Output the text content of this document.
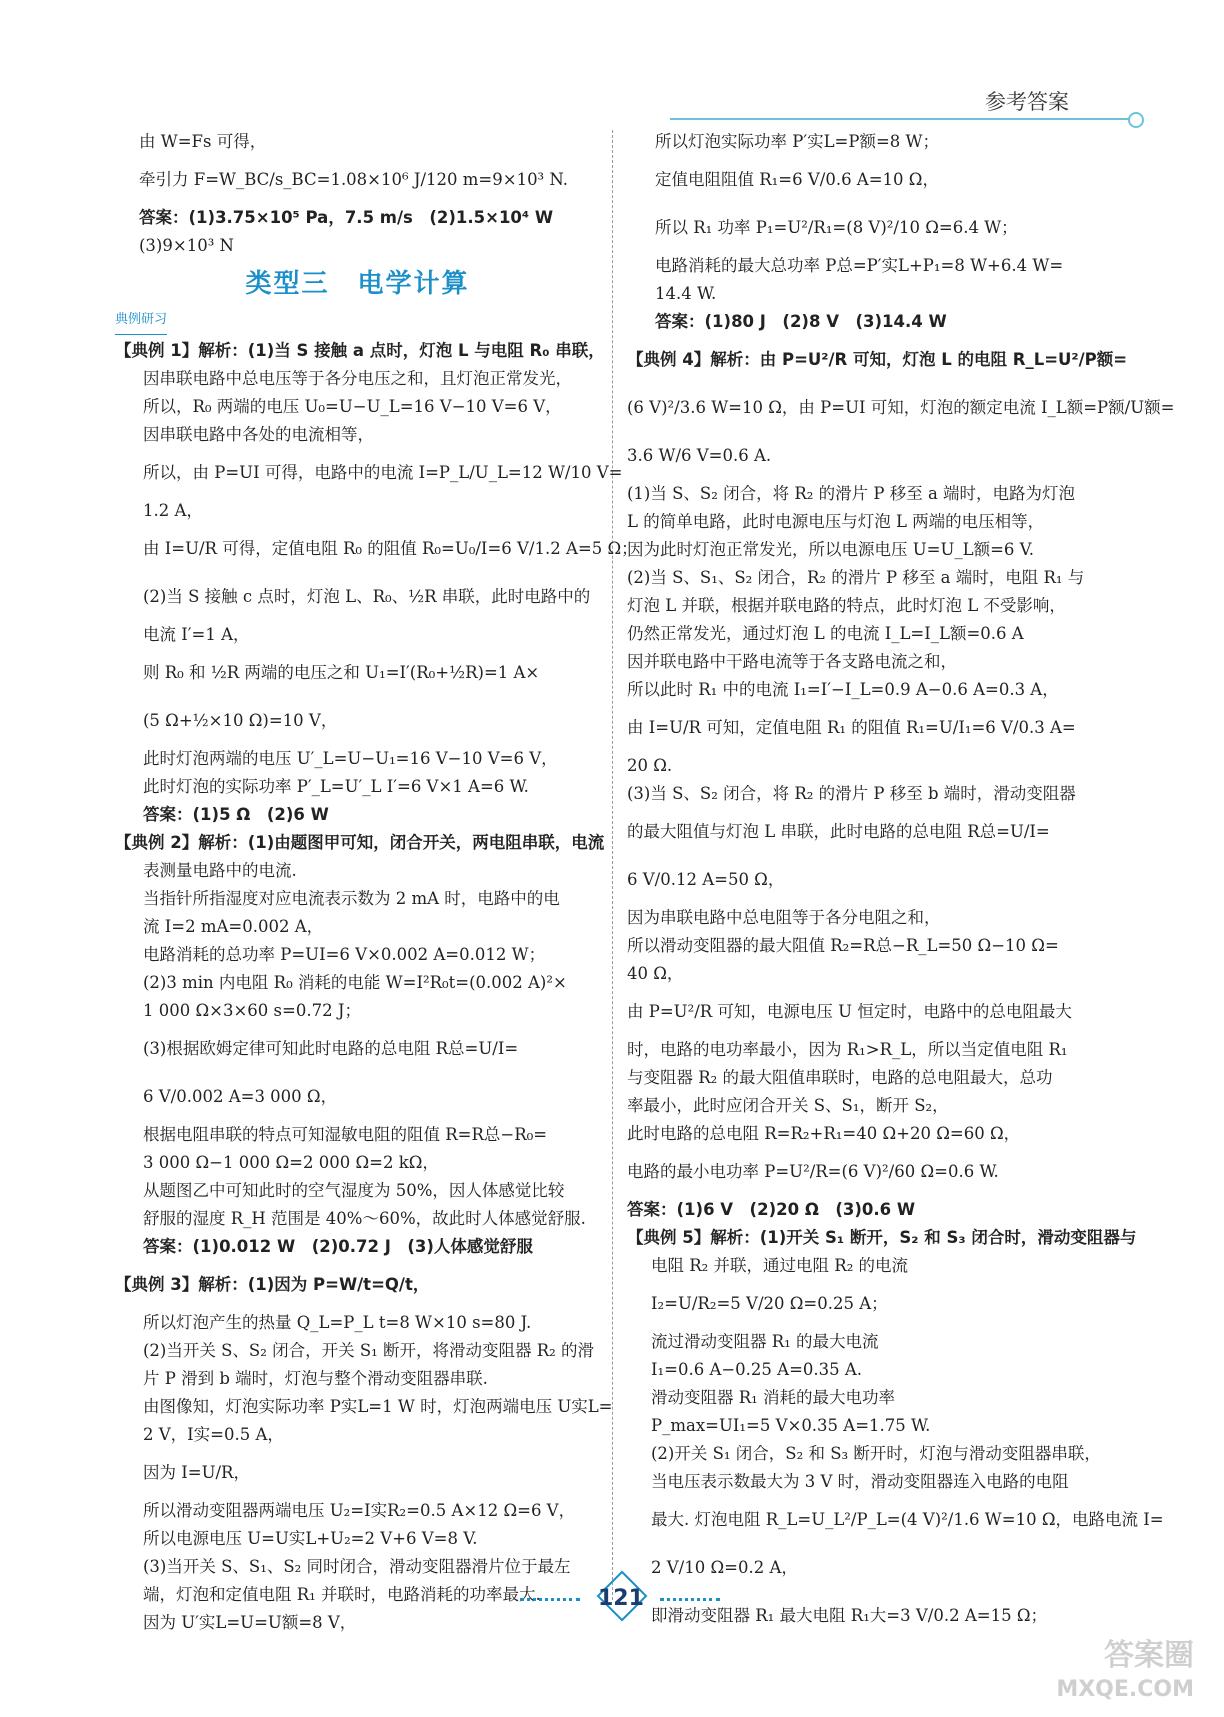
参考答案
由 W=Fs 可得，
牵引力 F=W_BC/s_BC=1.08×10⁶ J/120 m=9×10³ N.
答案：(1)3.75×10⁵ Pa，7.5 m/s　(2)1.5×10⁴ W
(3)9×10³ N
类型三　电学计算
典例研习
【典例 1】解析：(1)当 S 接触 a 点时，灯泡 L 与电阻 R₀ 串联，
因串联电路中总电压等于各分电压之和，且灯泡正常发光，
所以，R₀ 两端的电压 U₀=U−U_L=16 V−10 V=6 V，
因串联电路中各处的电流相等，
所以，由 P=UI 可得，电路中的电流 I=P_L/U_L=12 W/10 V=
1.2 A，
由 I=U/R 可得，定值电阻 R₀ 的阻值 R₀=U₀/I=6 V/1.2 A=5 Ω；
(2)当 S 接触 c 点时，灯泡 L、R₀、½R 串联，此时电路中的
电流 I′=1 A，
则 R₀ 和 ½R 两端的电压之和 U₁=I′(R₀+½R)=1 A×
(5 Ω+½×10 Ω)=10 V，
此时灯泡两端的电压 U′_L=U−U₁=16 V−10 V=6 V，
此时灯泡的实际功率 P′_L=U′_L I′=6 V×1 A=6 W.
答案：(1)5 Ω　(2)6 W
【典例 2】解析：(1)由题图甲可知，闭合开关，两电阻串联，电流
表测量电路中的电流.
当指针所指湿度对应电流表示数为 2 mA 时，电路中的电
流 I=2 mA=0.002 A，
电路消耗的总功率 P=UI=6 V×0.002 A=0.012 W；
(2)3 min 内电阻 R₀ 消耗的电能 W=I²R₀t=(0.002 A)²×
1 000 Ω×3×60 s=0.72 J；
(3)根据欧姆定律可知此时电路的总电阻 R总=U/I=
6 V/0.002 A=3 000 Ω，
根据电阻串联的特点可知湿敏电阻的阻值 R=R总−R₀=
3 000 Ω−1 000 Ω=2 000 Ω=2 kΩ，
从题图乙中可知此时的空气湿度为 50%，因人体感觉比较
舒服的湿度 R_H 范围是 40%～60%，故此时人体感觉舒服.
答案：(1)0.012 W　(2)0.72 J　(3)人体感觉舒服
【典例 3】解析：(1)因为 P=W/t=Q/t，
所以灯泡产生的热量 Q_L=P_L t=8 W×10 s=80 J.
(2)当开关 S、S₂ 闭合，开关 S₁ 断开，将滑动变阻器 R₂ 的滑
片 P 滑到 b 端时，灯泡与整个滑动变阻器串联.
由图像知，灯泡实际功率 P实L=1 W 时，灯泡两端电压 U实L=
2 V，I实=0.5 A，
因为 I=U/R，
所以滑动变阻器两端电压 U₂=I实R₂=0.5 A×12 Ω=6 V，
所以电源电压 U=U实L+U₂=2 V+6 V=8 V.
(3)当开关 S、S₁、S₂ 同时闭合，滑动变阻器滑片位于最左
端，灯泡和定值电阻 R₁ 并联时，电路消耗的功率最大.
因为 U′实L=U=U额=8 V，
所以灯泡实际功率 P′实L=P额=8 W；
定值电阻阻值 R₁=6 V/0.6 A=10 Ω，
所以 R₁ 功率 P₁=U²/R₁=(8 V)²/10 Ω=6.4 W；
电路消耗的最大总功率 P总=P′实L+P₁=8 W+6.4 W=
14.4 W.
答案：(1)80 J　(2)8 V　(3)14.4 W
【典例 4】解析：由 P=U²/R 可知，灯泡 L 的电阻 R_L=U²/P额=
(6 V)²/3.6 W=10 Ω，由 P=UI 可知，灯泡的额定电流 I_L额=P额/U额=
3.6 W/6 V=0.6 A.
(1)当 S、S₂ 闭合，将 R₂ 的滑片 P 移至 a 端时，电路为灯泡
L 的简单电路，此时电源电压与灯泡 L 两端的电压相等，
因为此时灯泡正常发光，所以电源电压 U=U_L额=6 V.
(2)当 S、S₁、S₂ 闭合，R₂ 的滑片 P 移至 a 端时，电阻 R₁ 与
灯泡 L 并联，根据并联电路的特点，此时灯泡 L 不受影响，
仍然正常发光，通过灯泡 L 的电流 I_L=I_L额=0.6 A
因并联电路中干路电流等于各支路电流之和，
所以此时 R₁ 中的电流 I₁=I′−I_L=0.9 A−0.6 A=0.3 A，
由 I=U/R 可知，定值电阻 R₁ 的阻值 R₁=U/I₁=6 V/0.3 A=
20 Ω.
(3)当 S、S₂ 闭合，将 R₂ 的滑片 P 移至 b 端时，滑动变阻器
的最大阻值与灯泡 L 串联，此时电路的总电阻 R总=U/I=
6 V/0.12 A=50 Ω，
因为串联电路中总电阻等于各分电阻之和，
所以滑动变阻器的最大阻值 R₂=R总−R_L=50 Ω−10 Ω=
40 Ω，
由 P=U²/R 可知，电源电压 U 恒定时，电路中的总电阻最大
时，电路的电功率最小，因为 R₁>R_L，所以当定值电阻 R₁
与变阻器 R₂ 的最大阻值串联时，电路的总电阻最大，总功
率最小，此时应闭合开关 S、S₁，断开 S₂，
此时电路的总电阻 R=R₂+R₁=40 Ω+20 Ω=60 Ω，
电路的最小电功率 P=U²/R=(6 V)²/60 Ω=0.6 W.
答案：(1)6 V　(2)20 Ω　(3)0.6 W
【典例 5】解析：(1)开关 S₁ 断开，S₂ 和 S₃ 闭合时，滑动变阻器与
电阻 R₂ 并联，通过电阻 R₂ 的电流
I₂=U/R₂=5 V/20 Ω=0.25 A；
流过滑动变阻器 R₁ 的最大电流
I₁=0.6 A−0.25 A=0.35 A.
滑动变阻器 R₁ 消耗的最大电功率
P_max=UI₁=5 V×0.35 A=1.75 W.
(2)开关 S₁ 闭合，S₂ 和 S₃ 断开时，灯泡与滑动变阻器串联，
当电压表示数最大为 3 V 时，滑动变阻器连入电路的电阻
最大. 灯泡电阻 R_L=U_L²/P_L=(4 V)²/1.6 W=10 Ω，电路电流 I=
2 V/10 Ω=0.2 A，
即滑动变阻器 R₁ 最大电阻 R₁大=3 V/0.2 A=15 Ω；
121
答案圈
MXQE.COM
